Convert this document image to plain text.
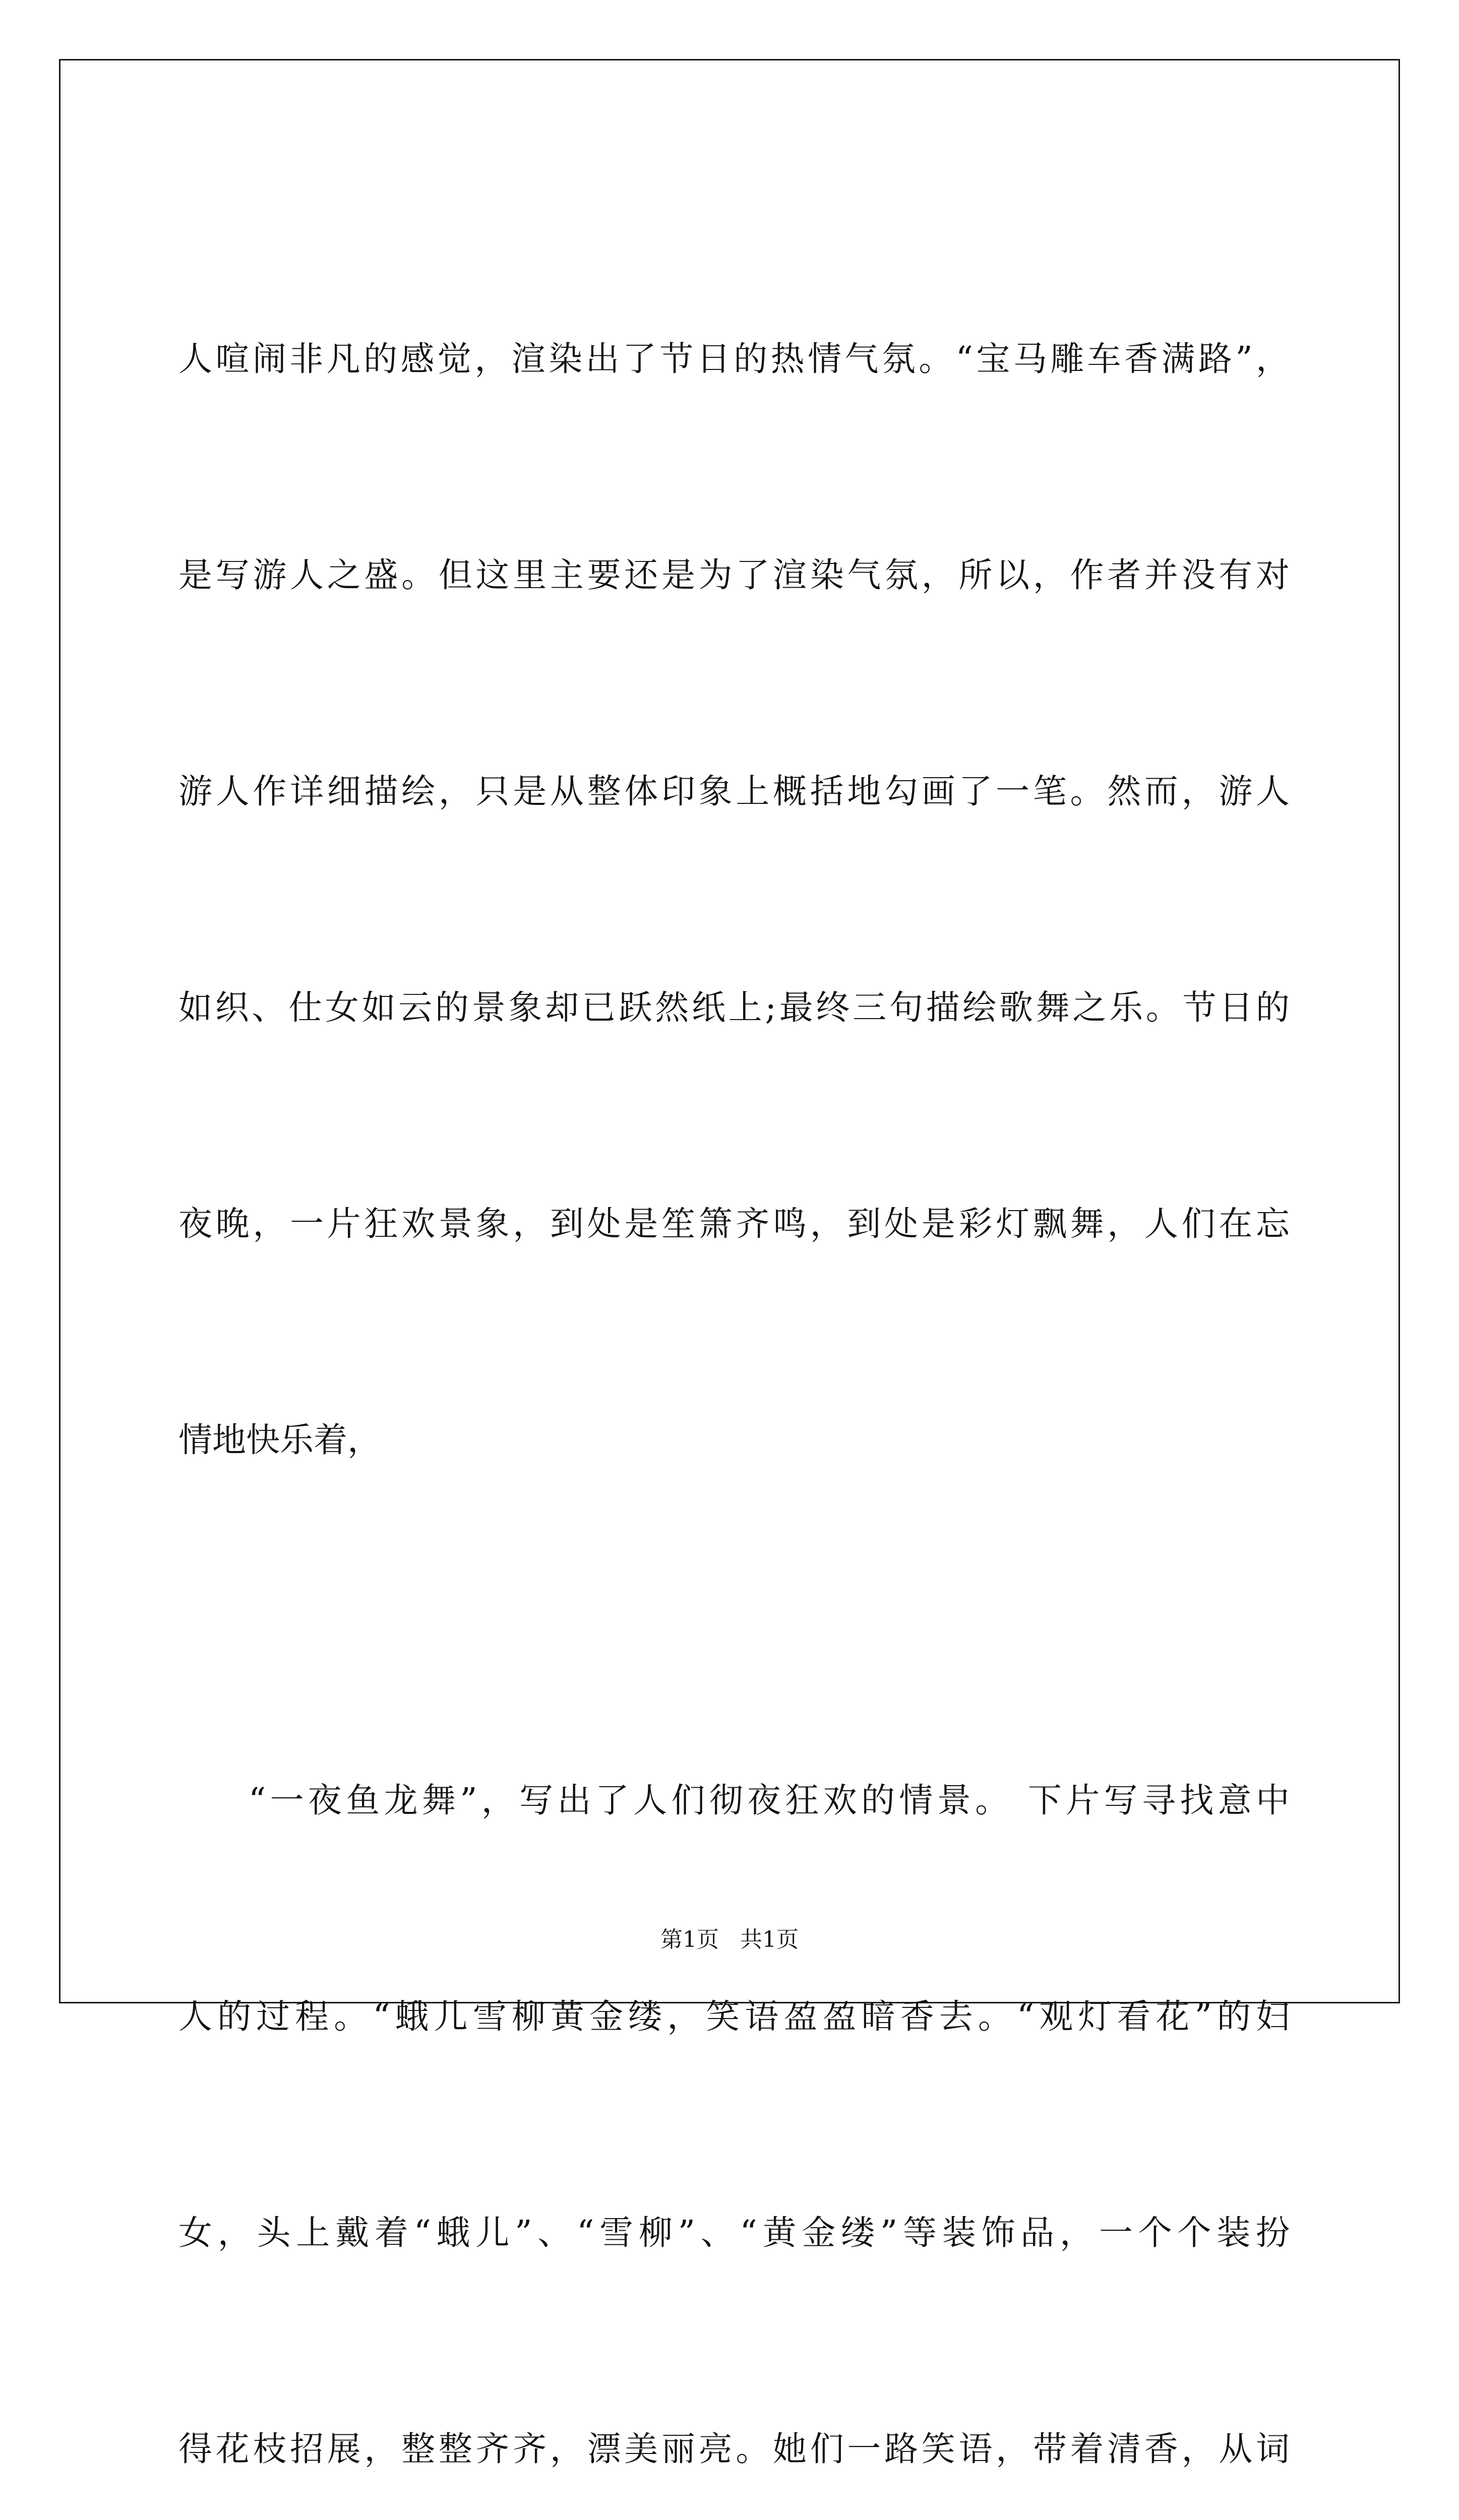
人喧闹非凡的感觉，渲染出了节日的热情气氛。“宝马雕车香满路”，

是写游人之盛。但这里主要还是为了渲染气氛，所以，作者并没有对

游人作详细描绘，只是从整体印象上概括地勾画了一笔。然而，游人

如织、仕女如云的景象却已跃然纸上;最终三句描绘歌舞之乐。节日的

夜晚，一片狂欢景象，到处是笙箫齐鸣，到处是彩灯飘舞，人们在忘

情地快乐着，

“一夜鱼龙舞”，写出了人们彻夜狂欢的情景。 下片写寻找意中

人的过程。“蛾儿雪柳黄金缕，笑语盈盈暗香去。“观灯看花”的妇

女，头上戴着“蛾儿”、“雪柳”、“黄金缕”等装饰品，一个个装扮

得花枝招展，整整齐齐，漂美丽亮。她们一路笑语，带着清香，从词

第1页   共1页
